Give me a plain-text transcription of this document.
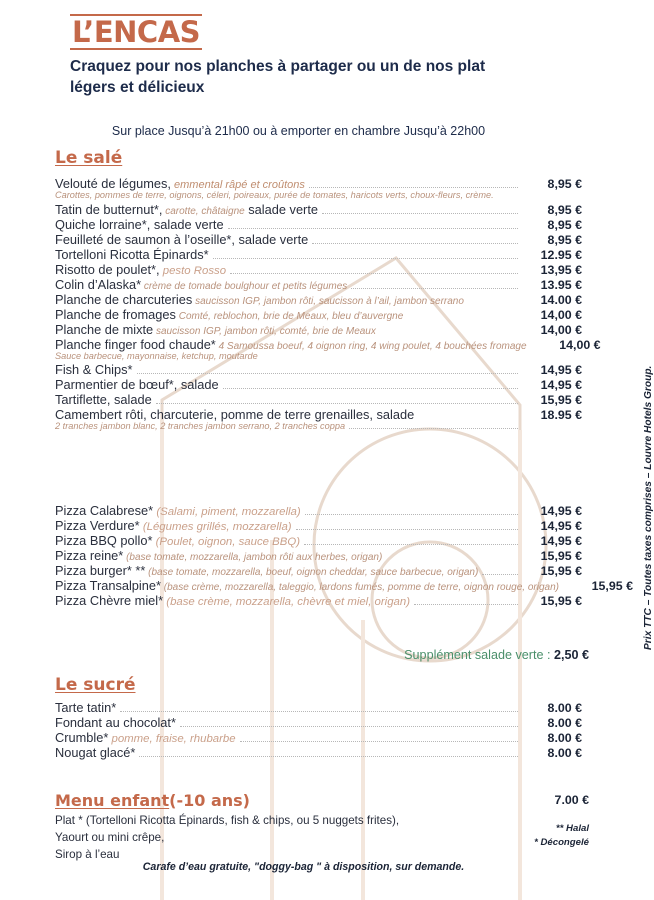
L’ENCAS
Craquez pour nos planches à partager ou un de nos plat légers et délicieux
Sur place Jusqu’à 21h00 ou à emporter en chambre Jusqu’à 22h00
Le salé
Velouté de légumes, emmental râpé et croûtons	8,95 €
Carottes, pommes de terre, oignons, céleri, poireaux, purée de tomates, haricots verts, choux-fleurs, crème.
Tatin de butternut*, carotte, châtaigne salade verte	8,95 €
Quiche lorraine*, salade verte	8,95 €
Feuilleté de saumon à l’oseille*, salade verte	8,95 €
Tortelloni Ricotta Épinards*	12.95 €
Risotto de poulet*, pesto Rosso	13,95 €
Colin d’Alaska* crème de tomade boulghour et petits légumes	13.95 €
Planche de charcuteries saucisson IGP, jambon rôti, saucisson à l’ail, jambon serrano	14.00 €
Planche de fromages Comté, reblochon, brie de Meaux, bleu d’auvergne	14,00 €
Planche de mixte saucisson IGP, jambon rôti, comté, brie de Meaux	14,00 €
Planche finger food chaude* 4 Samoussa boeuf, 4 oignon ring, 4 wing poulet, 4 bouchées fromage	14,00 €
Sauce barbecue, mayonnaise, ketchup, moutarde
Fish & Chips*	14,95 €
Parmentier de bœuf*, salade	14,95 €
Tartiflette, salade	15,95 €
Camembert rôti, charcuterie, pomme de terre grenailles, salade	18.95 €
2 tranches jambon blanc, 2 tranches jambon serrano, 2 tranches coppa
Pizza Calabrese* (Salami, piment, mozzarella)	14,95 €
Pizza Verdure* (Légumes grillés, mozzarella)	14,95 €
Pizza BBQ pollo* (Poulet, oignon, sauce BBQ)	14,95 €
Pizza reine* (base tomate, mozzarella, jambon rôti aux herbes, origan)	15,95 €
Pizza burger* ** (base tomate, mozzarella, boeuf, oignon cheddar, sauce barbecue, origan)	15,95 €
Pizza Transalpine* (base crème, mozzarella, taleggio, lardons fumés, pomme de terre, oignon rouge, origan)	15,95 €
Pizza Chèvre miel* (base crème, mozzarella, chèvre et miel, origan)	15,95 €
Supplément salade verte : 2,50 €
Le sucré
Tarte tatin*	8.00 €
Fondant au chocolat*	8.00 €
Crumble* pomme, fraise, rhubarbe	8.00 €
Nougat glacé*	8.00 €
Menu enfant(-10 ans)	7.00 €
Plat * (Tortelloni Ricotta Épinards, fish & chips, ou 5 nuggets frites),
Yaourt ou mini crêpe,
Sirop à l’eau
** Halal
* Décongelé
Carafe d’eau gratuite, "doggy-bag " à disposition, sur demande.
Prix TTC – Toutes taxes comprises – Louvre Hotels Group.
